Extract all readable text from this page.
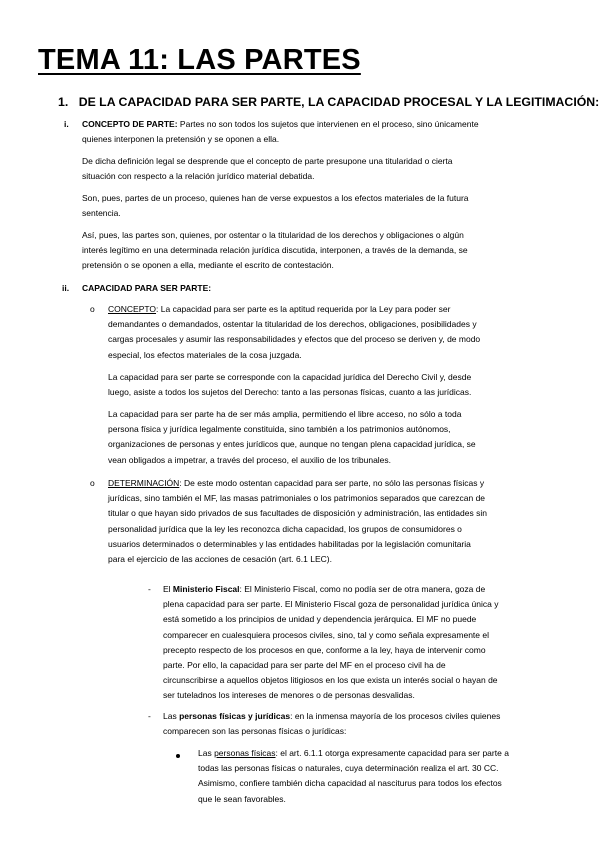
TEMA 11: LAS PARTES
1. DE LA CAPACIDAD PARA SER PARTE, LA CAPACIDAD PROCESAL Y LA LEGITIMACIÓN:
i. CONCEPTO DE PARTE: Partes no son todos los sujetos que intervienen en el proceso, sino únicamente
quienes interponen la pretensión y se oponen a ella.
De dicha definición legal se desprende que el concepto de parte presupone una titularidad o cierta
situación con respecto a la relación jurídico material debatida.
Son, pues, partes de un proceso, quienes han de verse expuestos a los efectos materiales de la futura
sentencia.
Así, pues, las partes son, quienes, por ostentar o la titularidad de los derechos y obligaciones o algún
interés legítimo en una determinada relación jurídica discutida, interponen, a través de la demanda, se
pretensión o se oponen a ella, mediante el escrito de contestación.
ii. CAPACIDAD PARA SER PARTE:
o CONCEPTO: La capacidad para ser parte es la aptitud requerida por la Ley para poder ser
demandantes o demandados, ostentar la titularidad de los derechos, obligaciones, posibilidades y
cargas procesales y asumir las responsabilidades y efectos que del proceso se deriven y, de modo
especial, los efectos materiales de la cosa juzgada.
La capacidad para ser parte se corresponde con la capacidad jurídica del Derecho Civil y, desde
luego, asiste a todos los sujetos del Derecho: tanto a las personas físicas, cuanto a las jurídicas.
La capacidad para ser parte ha de ser más amplia, permitiendo el libre acceso, no sólo a toda
persona física y jurídica legalmente constituida, sino también a los patrimonios autónomos,
organizaciones de personas y entes jurídicos que, aunque no tengan plena capacidad jurídica, se
vean obligados a impetrar, a través del proceso, el auxilio de los tribunales.
o DETERMINACIÓN: De este modo ostentan capacidad para ser parte, no sólo las personas físicas y
jurídicas, sino también el MF, las masas patrimoniales o los patrimonios separados que carezcan de
titular o que hayan sido privados de sus facultades de disposición y administración, las entidades sin
personalidad jurídica que la ley les reconozca dicha capacidad, los grupos de consumidores o
usuarios determinados o determinables y las entidades habilitadas por la legislación comunitaria
para el ejercicio de las acciones de cesación (art. 6.1 LEC).
- El Ministerio Fiscal: El Ministerio Fiscal, como no podía ser de otra manera, goza de
plena capacidad para ser parte. El Ministerio Fiscal goza de personalidad jurídica única y
está sometido a los principios de unidad y dependencia jerárquica. El MF no puede
comparecer en cualesquiera procesos civiles, sino, tal y como señala expresamente el
precepto respecto de los procesos en que, conforme a la ley, haya de intervenir como
parte. Por ello, la capacidad para ser parte del MF en el proceso civil ha de
circunscribirse a aquellos objetos litigiosos en los que exista un interés social o hayan de
ser tuteladnos los intereses de menores o de personas desvalidas.
- Las personas físicas y jurídicas: en la inmensa mayoría de los procesos civiles quienes
comparecen son las personas físicas o jurídicas:
Las personas físicas: el art. 6.1.1 otorga expresamente capacidad para ser parte a
todas las personas físicas o naturales, cuya determinación realiza el art. 30 CC.
Asimismo, confiere también dicha capacidad al nasciturus para todos los efectos
que le sean favorables.
